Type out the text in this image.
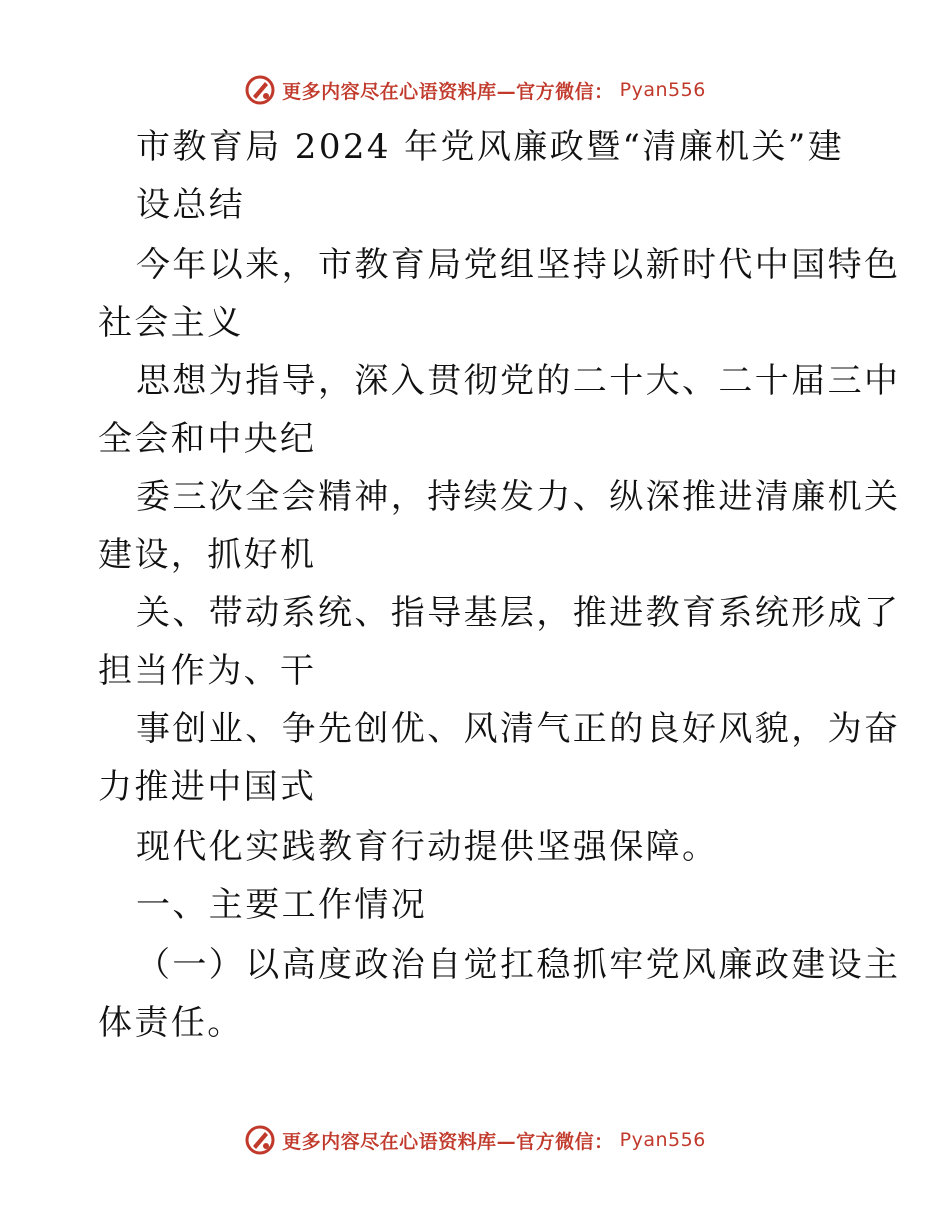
更多内容尽在心语资料库—官方微信： Pyan556
市教育局 2024 年党风廉政暨“清廉机关”建
设总结
今年以来，市教育局党组坚持以新时代中国特色
社会主义
思想为指导，深入贯彻党的二十大、二十届三中
全会和中央纪
委三次全会精神，持续发力、纵深推进清廉机关
建设，抓好机
关、带动系统、指导基层，推进教育系统形成了
担当作为、干
事创业、争先创优、风清气正的良好风貌，为奋
力推进中国式
现代化实践教育行动提供坚强保障。
一、主要工作情况
（一）以高度政治自觉扛稳抓牢党风廉政建设主
体责任。
更多内容尽在心语资料库—官方微信： Pyan556
